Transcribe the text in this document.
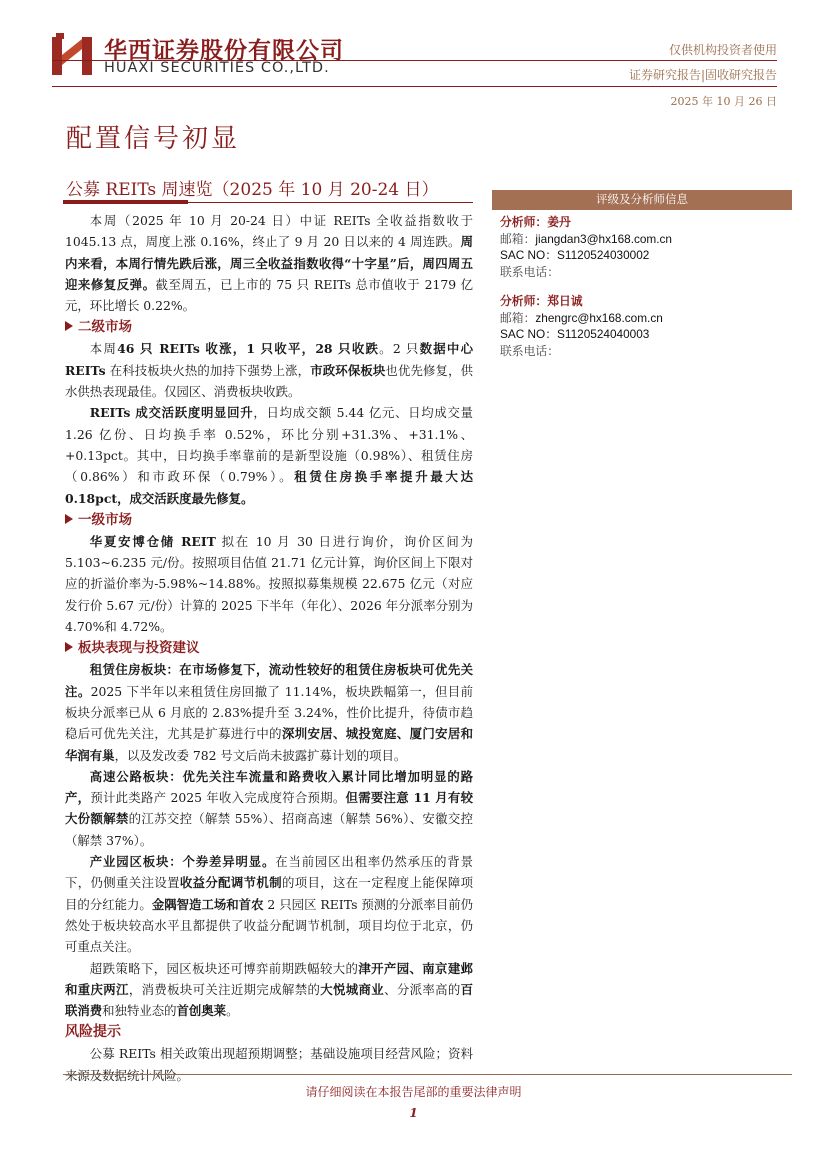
华西证券股份有限公司
HUAXI SECURITIES CO.,LTD.
仅供机构投资者使用
证券研究报告|固收研究报告
2025 年 10 月 26 日
配置信号初显
公募 REITs 周速览（2025 年 10 月 20-24 日）

本周（2025 年 10 月 20-24 日）中证 REITs 全收益指数收于 1045.13 点，周度上涨 0.16%，终止了 9 月 20 日以来的 4 周连跌。周内来看，本周行情先跌后涨，周三全收益指数收得“十字星”后，周四周五迎来修复反弹。截至周五，已上市的 75 只 REITs 总市值收于 2179 亿元，环比增长 0.22%。

二级市场

本周46 只 REITs 收涨，1 只收平，28 只收跌。2 只数据中心 REITs 在科技板块火热的加持下强势上涨，市政环保板块也优先修复，供水供热表现最佳。仅园区、消费板块收跌。

REITs 成交活跃度明显回升，日均成交额 5.44 亿元、日均成交量 1.26 亿份、日均换手率 0.52%，环比分别+31.3%、+31.1%、+0.13pct。其中，日均换手率靠前的是新型设施（0.98%）、租赁住房（0.86%）和市政环保（0.79%）。租赁住房换手率提升最大达 0.18pct，成交活跃度最先修复。

一级市场

华夏安博仓储 REIT 拟在 10 月 30 日进行询价，询价区间为 5.103~6.235 元/份。按照项目估值 21.71 亿元计算，询价区间上下限对应的折溢价率为-5.98%~14.88%。按照拟募集规模 22.675 亿元（对应发行价 5.67 元/份）计算的 2025 下半年（年化）、2026 年分派率分别为 4.70%和 4.72%。

板块表现与投资建议

租赁住房板块：在市场修复下，流动性较好的租赁住房板块可优先关注。2025 下半年以来租赁住房回撤了 11.14%，板块跌幅第一，但目前板块分派率已从 6 月底的 2.83%提升至 3.24%，性价比提升，待债市趋稳后可优先关注，尤其是扩募进行中的深圳安居、城投宽庭、厦门安居和华润有巢，以及发改委 782 号文后尚未披露扩募计划的项目。

高速公路板块：优先关注车流量和路费收入累计同比增加明显的路产，预计此类路产 2025 年收入完成度符合预期。但需要注意 11 月有较大份额解禁的江苏交控（解禁 55%）、招商高速（解禁 56%）、安徽交控（解禁 37%）。

产业园区板块：个券差异明显。在当前园区出租率仍然承压的背景下，仍侧重关注设置收益分配调节机制的项目，这在一定程度上能保障项目的分红能力。金隅智造工场和首农 2 只园区 REITs 预测的分派率目前仍然处于板块较高水平且都提供了收益分配调节机制，项目均位于北京，仍可重点关注。

超跌策略下，园区板块还可博弈前期跌幅较大的津开产园、南京建邺和重庆两江，消费板块可关注近期完成解禁的大悦城商业、分派率高的百联消费和独特业态的首创奥莱。

风险提示

公募 REITs 相关政策出现超预期调整；基础设施项目经营风险；资料来源及数据统计风险。

评级及分析师信息
分析师：姜丹
邮箱：jiangdan3@hx168.com.cn
SAC NO：S1120524030002
联系电话：
分析师：郑日诚
邮箱：zhengrc@hx168.com.cn
SAC NO：S1120524040003
联系电话：
请仔细阅读在本报告尾部的重要法律声明
1
